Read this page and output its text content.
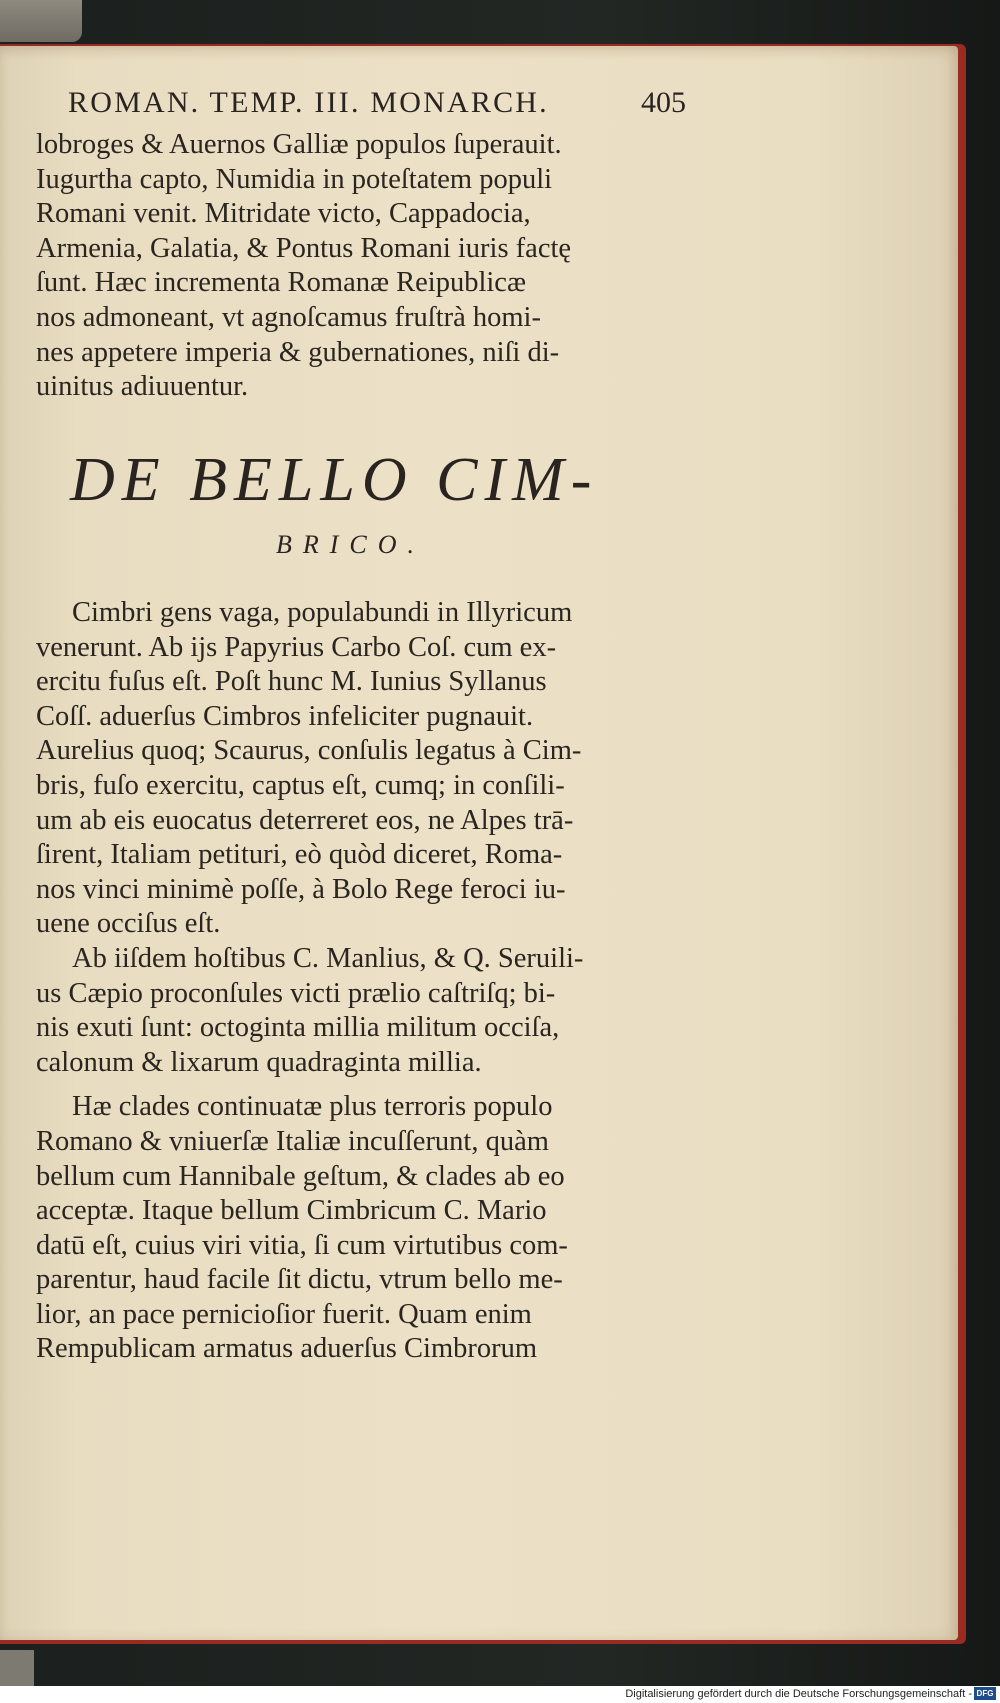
ROMAN. TEMP. III. MONARCH.	405
lobroges & Auernos Galliæ populos ſuperauit.
Iugurtha capto, Numidia in poteſtatem populi
Romani venit. Mitridate victo, Cappadocia,
Armenia, Galatia, & Pontus Romani iuris factę
ſunt. Hæc incrementa Romanæ Reipublicæ
nos admoneant, vt agnoſcamus fruſtrà homi-
nes appetere imperia & gubernationes, niſi di-
uinitus adiuuentur.
DE BELLO CIM-
BRICO.
Cimbri gens vaga, populabundi in Illyricum
venerunt. Ab ijs Papyrius Carbo Coſ. cum ex-
ercitu fuſus eſt. Poſt hunc M. Iunius Syllanus
Coſſ. aduerſus Cimbros infeliciter pugnauit.
Aurelius quoq; Scaurus, conſulis legatus à Cim-
bris, fuſo exercitu, captus eſt, cumq; in conſili-
um ab eis euocatus deterreret eos, ne Alpes trā-
ſirent, Italiam petituri, eò quòd diceret, Roma-
nos vinci minimè poſſe, à Bolo Rege feroci iu-
uene occiſus eſt.
Ab iiſdem hoſtibus C. Manlius, & Q. Seruili-
us Cæpio proconſules victi prælio caſtriſq; bi-
nis exuti ſunt: octoginta millia militum occiſa,
calonum & lixarum quadraginta millia.
Hæ clades continuatæ plus terroris populo
Romano & vniuerſæ Italiæ incuſſerunt, quàm
bellum cum Hannibale geſtum, & clades ab eo
acceptæ. Itaque bellum Cimbricum C. Mario
datū eſt, cuius viri vitia, ſi cum virtutibus com-
parentur, haud facile ſit dictu, vtrum bello me-
lior, an pace pernicioſior fuerit. Quam enim
Rempublicam armatus aduerſus Cimbrorum
Digitalisierung gefördert durch die Deutsche Forschungsgemeinschaft - DFG
